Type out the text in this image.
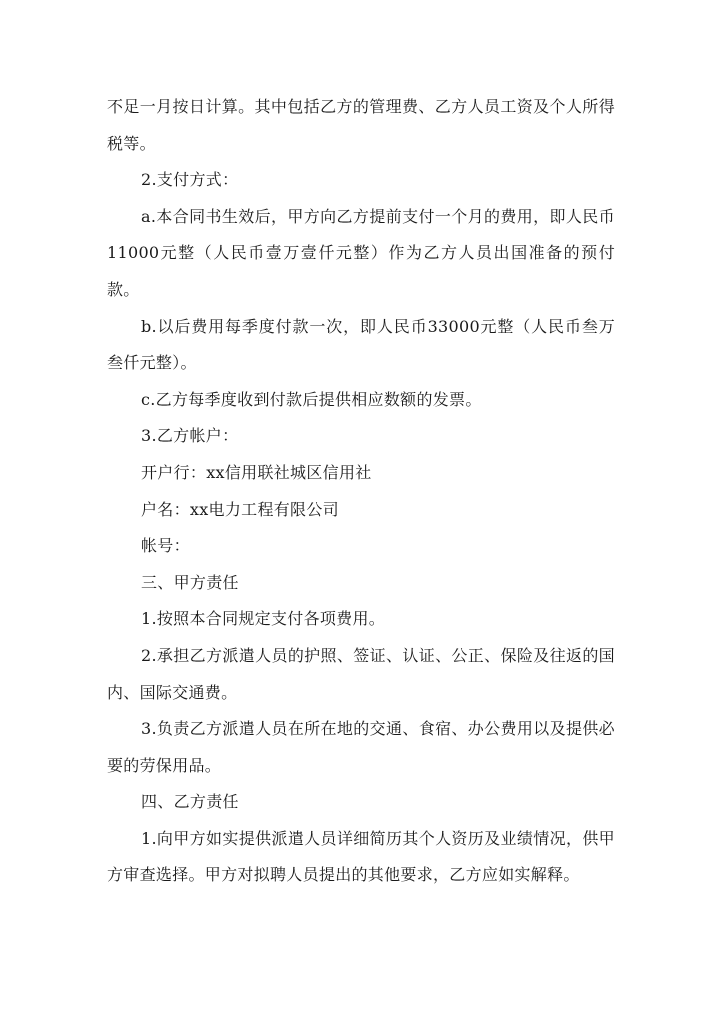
不足一月按日计算。其中包括乙方的管理费、乙方人员工资及个人所得税等。

2.支付方式：

a.本合同书生效后，甲方向乙方提前支付一个月的费用，即人民币11000元整（人民币壹万壹仟元整）作为乙方人员出国准备的预付款。

b.以后费用每季度付款一次，即人民币33000元整（人民币叁万叁仟元整）。

c.乙方每季度收到付款后提供相应数额的发票。

3.乙方帐户：

开户行：xx信用联社城区信用社

户名：xx电力工程有限公司

帐号：

三、甲方责任

1.按照本合同规定支付各项费用。

2.承担乙方派遣人员的护照、签证、认证、公正、保险及往返的国内、国际交通费。

3.负责乙方派遣人员在所在地的交通、食宿、办公费用以及提供必要的劳保用品。

四、乙方责任

1.向甲方如实提供派遣人员详细简历其个人资历及业绩情况，供甲方审查选择。甲方对拟聘人员提出的其他要求，乙方应如实解释。
